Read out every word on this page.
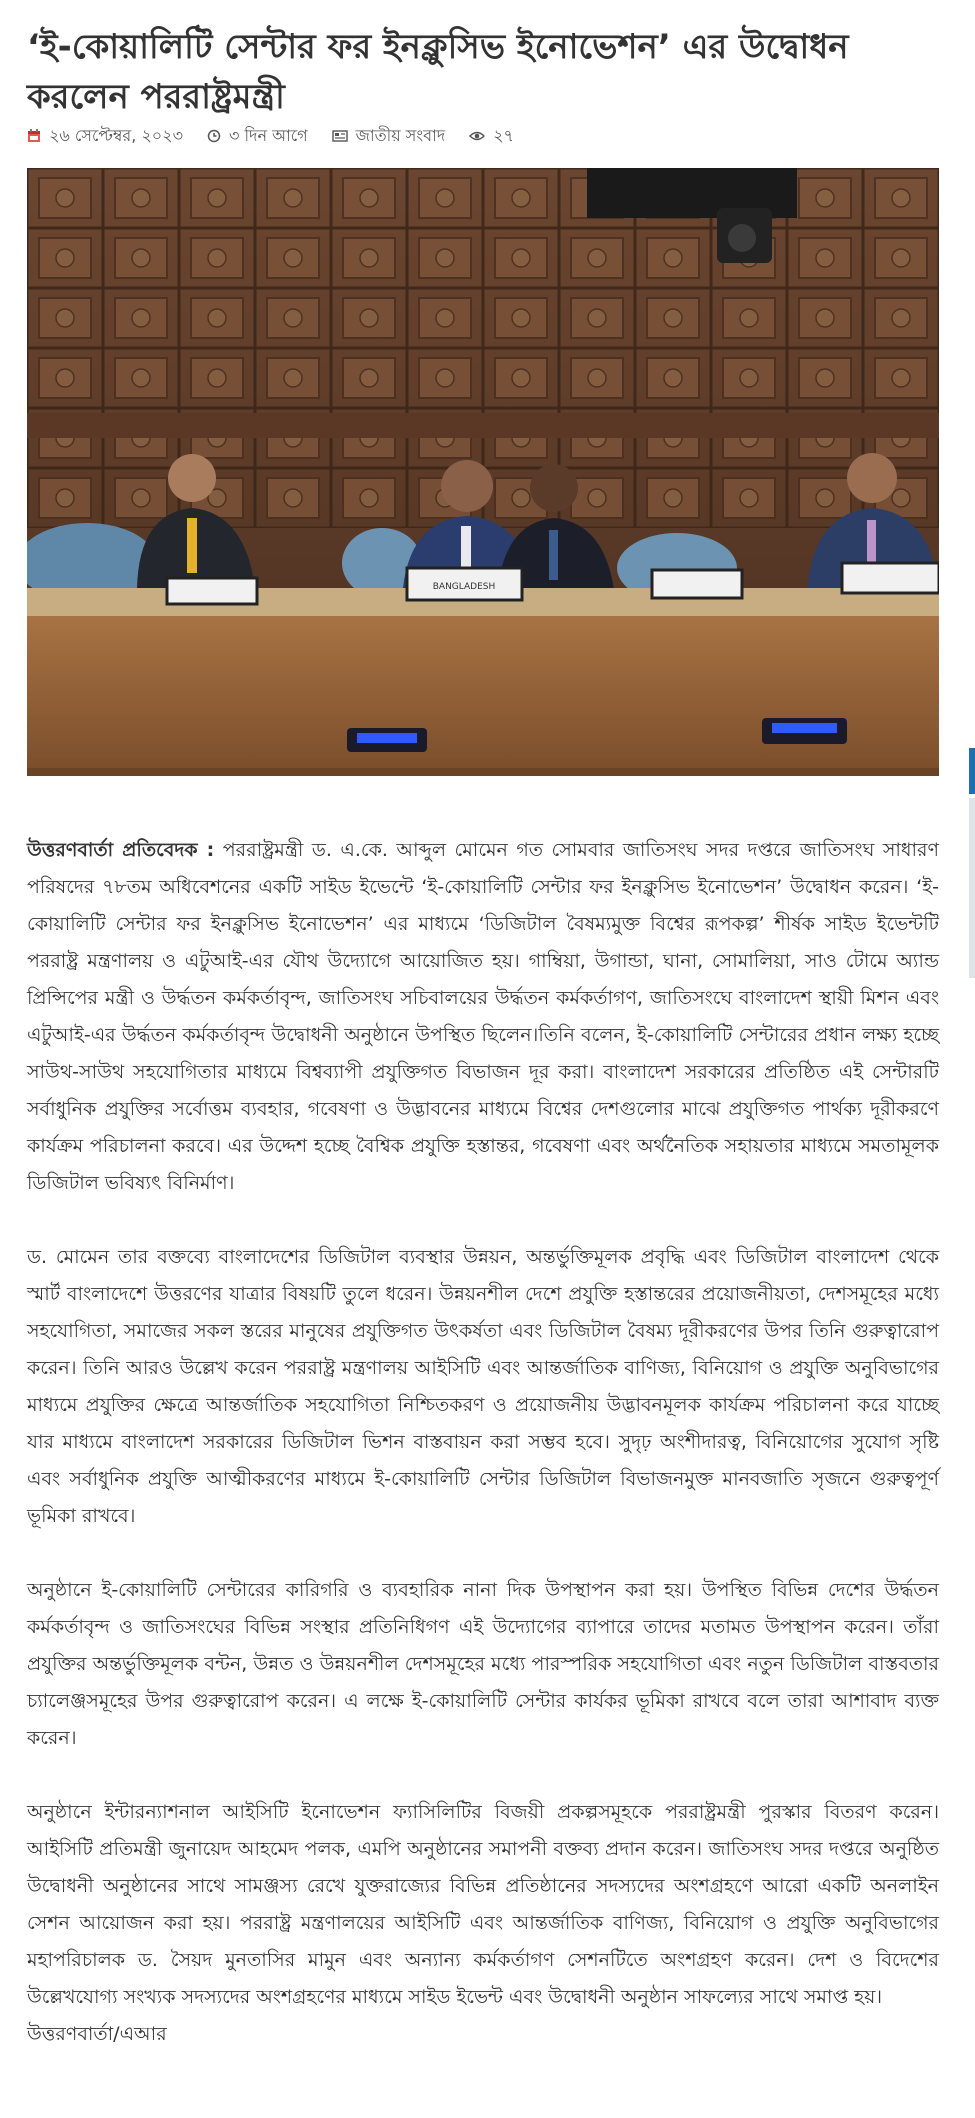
‘ই-কোয়ালিটি সেন্টার ফর ইনক্লুসিভ ইনোভেশন’ এর উদ্বোধন করলেন পররাষ্ট্রমন্ত্রী
২৬ সেপ্টেম্বর, ২০২৩	৩ দিন আগে	জাতীয় সংবাদ	২৭
BANGLADESH

উত্তরণবার্তা প্রতিবেদক : পররাষ্ট্রমন্ত্রী ড. এ.কে. আব্দুল মোমেন গত সোমবার জাতিসংঘ সদর দপ্তরে জাতিসংঘ সাধারণ পরিষদের ৭৮তম অধিবেশনের একটি সাইড ইভেন্টে ‘ই-কোয়ালিটি সেন্টার ফর ইনক্লুসিভ ইনোভেশন’ উদ্বোধন করেন। ‘ই-কোয়ালিটি সেন্টার ফর ইনক্লুসিভ ইনোভেশন’ এর মাধ্যমে ‘ডিজিটাল বৈষম্যমুক্ত বিশ্বের রূপকল্প’ শীর্ষক সাইড ইভেন্টটি পররাষ্ট্র মন্ত্রণালয় ও এটুআই-এর যৌথ উদ্যোগে আয়োজিত হয়। গাম্বিয়া, উগান্ডা, ঘানা, সোমালিয়া, সাও টোমে অ্যান্ড প্রিন্সিপের মন্ত্রী ও উর্দ্ধতন কর্মকর্তাবৃন্দ, জাতিসংঘ সচিবালয়ের উর্দ্ধতন কর্মকর্তাগণ, জাতিসংঘে বাংলাদেশ স্থায়ী মিশন এবং এটুআই-এর উর্দ্ধতন কর্মকর্তাবৃন্দ উদ্বোধনী অনুষ্ঠানে উপস্থিত ছিলেন।তিনি বলেন, ই-কোয়ালিটি সেন্টারের প্রধান লক্ষ্য হচ্ছে সাউথ-সাউথ সহযোগিতার মাধ্যমে বিশ্বব্যাপী প্রযুক্তিগত বিভাজন দূর করা। বাংলাদেশ সরকারের প্রতিষ্ঠিত এই সেন্টারটি সর্বাধুনিক প্রযুক্তির সর্বোত্তম ব্যবহার, গবেষণা ও উদ্ভাবনের মাধ্যমে বিশ্বের দেশগুলোর মাঝে প্রযুক্তিগত পার্থক্য দূরীকরণে কার্যক্রম পরিচালনা করবে। এর উদ্দেশ হচ্ছে বৈশ্বিক প্রযুক্তি হস্তান্তর, গবেষণা এবং অর্থনৈতিক সহায়তার মাধ্যমে সমতামূলক ডিজিটাল ভবিষ্যৎ বিনির্মাণ।

ড. মোমেন তার বক্তব্যে বাংলাদেশের ডিজিটাল ব্যবস্থার উন্নয়ন, অন্তর্ভুক্তিমূলক প্রবৃদ্ধি এবং ডিজিটাল বাংলাদেশ থেকে স্মার্ট বাংলাদেশে উত্তরণের যাত্রার বিষয়টি তুলে ধরেন। উন্নয়নশীল দেশে প্রযুক্তি হস্তান্তরের প্রয়োজনীয়তা, দেশসমূহের মধ্যে সহযোগিতা, সমাজের সকল স্তরের মানুষের প্রযুক্তিগত উৎকর্ষতা এবং ডিজিটাল বৈষম্য দূরীকরণের উপর তিনি গুরুত্বারোপ করেন। তিনি আরও উল্লেখ করেন পররাষ্ট্র মন্ত্রণালয় আইসিটি এবং আন্তর্জাতিক বাণিজ্য, বিনিয়োগ ও প্রযুক্তি অনুবিভাগের মাধ্যমে প্রযুক্তির ক্ষেত্রে আন্তর্জাতিক সহযোগিতা নিশ্চিতকরণ ও প্রয়োজনীয় উদ্ভাবনমূলক কার্যক্রম পরিচালনা করে যাচ্ছে যার মাধ্যমে বাংলাদেশ সরকারের ডিজিটাল ভিশন বাস্তবায়ন করা সম্ভব হবে। সুদৃঢ় অংশীদারত্ব, বিনিয়োগের সুযোগ সৃষ্টি এবং সর্বাধুনিক প্রযুক্তি আত্মীকরণের মাধ্যমে ই-কোয়ালিটি সেন্টার ডিজিটাল বিভাজনমুক্ত মানবজাতি সৃজনে গুরুত্বপূর্ণ ভূমিকা রাখবে।

অনুষ্ঠানে ই-কোয়ালিটি সেন্টারের কারিগরি ও ব্যবহারিক নানা দিক উপস্থাপন করা হয়। উপস্থিত বিভিন্ন দেশের উর্দ্ধতন কর্মকর্তাবৃন্দ ও জাতিসংঘের বিভিন্ন সংস্থার প্রতিনিধিগণ এই উদ্যোগের ব্যাপারে তাদের মতামত উপস্থাপন করেন। তাঁরা প্রযুক্তির অন্তর্ভুক্তিমূলক বন্টন, উন্নত ও উন্নয়নশীল দেশসমূহের মধ্যে পারস্পরিক সহযোগিতা এবং নতুন ডিজিটাল বাস্তবতার চ্যালেঞ্জসমূহের উপর গুরুত্বারোপ করেন। এ লক্ষে ই-কোয়ালিটি সেন্টার কার্যকর ভূমিকা রাখবে বলে তারা আশাবাদ ব্যক্ত করেন।

অনুষ্ঠানে ইন্টারন্যাশনাল আইসিটি ইনোভেশন ফ্যাসিলিটির বিজয়ী প্রকল্পসমূহকে পররাষ্ট্রমন্ত্রী পুরস্কার বিতরণ করেন। আইসিটি প্রতিমন্ত্রী জুনায়েদ আহমেদ পলক, এমপি অনুষ্ঠানের সমাপনী বক্তব্য প্রদান করেন। জাতিসংঘ সদর দপ্তরে অনুষ্ঠিত উদ্বোধনী অনুষ্ঠানের সাথে সামঞ্জস্য রেখে যুক্তরাজ্যের বিভিন্ন প্রতিষ্ঠানের সদস্যদের অংশগ্রহণে আরো একটি অনলাইন সেশন আয়োজন করা হয়। পররাষ্ট্র মন্ত্রণালয়ের আইসিটি এবং আন্তর্জাতিক বাণিজ্য, বিনিয়োগ ও প্রযুক্তি অনুবিভাগের মহাপরিচালক ড. সৈয়দ মুনতাসির মামুন এবং অন্যান্য কর্মকর্তাগণ সেশনটিতে অংশগ্রহণ করেন। দেশ ও বিদেশের উল্লেখযোগ্য সংখ্যক সদস্যদের অংশগ্রহণের মাধ্যমে সাইড ইভেন্ট এবং উদ্বোধনী অনুষ্ঠান সাফল্যের সাথে সমাপ্ত হয়।

উত্তরণবার্তা/এআর
